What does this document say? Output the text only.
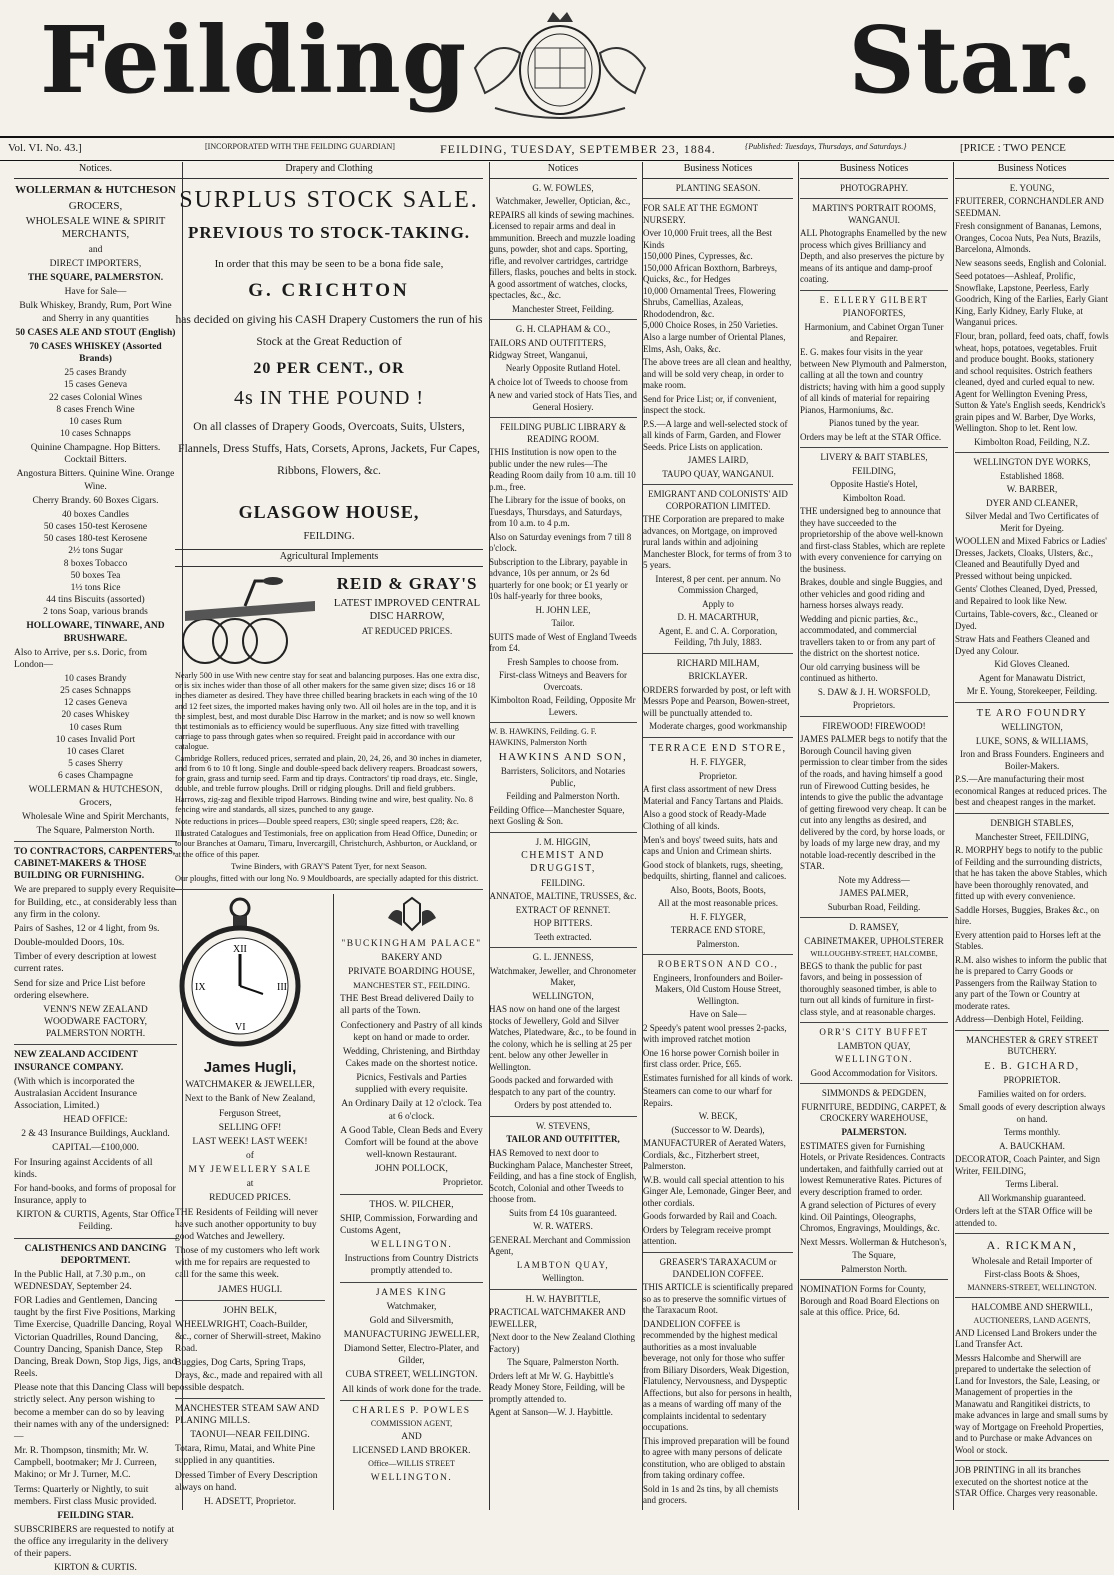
Feilding	Star.
Vol. VI. No. 43.]	[INCORPORATED WITH THE FEILDING GUARDIAN]	FEILDING, TUESDAY, SEPTEMBER 23, 1884.	{Published: Tuesdays, Thursdays, and Saturdays.}	[PRICE : TWO PENCE
Notices.

WOLLERMAN & HUTCHESON

GROCERS,

WHOLESALE WINE & SPIRIT MERCHANTS,

and

DIRECT IMPORTERS,

THE SQUARE, PALMERSTON.

Have for Sale—

Bulk Whiskey, Brandy, Rum, Port Wine and Sherry in any quantities

50 CASES ALE AND STOUT (English)

70 CASES WHISKEY (Assorted Brands)

25 cases Brandy
15 cases Geneva
22 cases Colonial Wines
8 cases French Wine
10 cases Rum
10 cases Schnapps

Quinine Champagne. Hop Bitters. Cocktail Bitters.

Angostura Bitters. Quinine Wine. Orange Wine.

Cherry Brandy. 60 Boxes Cigars.

40 boxes Candles
50 cases 150-test Kerosene
50 cases 180-test Kerosene
2½ tons Sugar
8 boxes Tobacco
50 boxes Tea
1½ tons Rice
44 tins Biscuits (assorted)
2 tons Soap, various brands

HOLLOWARE, TINWARE, AND BRUSHWARE.

Also to Arrive, per s.s. Doric, from London—

10 cases Brandy
25 cases Schnapps
12 cases Geneva
20 cases Whiskey
10 cases Rum
10 cases Invalid Port
10 cases Claret
5 cases Sherry
6 cases Champagne

WOLLERMAN & HUTCHESON, Grocers,

Wholesale Wine and Spirit Merchants,

The Square, Palmerston North.

TO CONTRACTORS, CARPENTERS, CABINET-MAKERS & THOSE BUILDING OR FURNISHING.

We are prepared to supply every Requisite for Building, etc., at considerably less than any firm in the colony.

Pairs of Sashes, 12 or 4 light, from 9s.

Double-moulded Doors, 10s.

Timber of every description at lowest current rates.

Send for size and Price List before ordering elsewhere.

VENN'S NEW ZEALAND WOODWARE FACTORY, PALMERSTON NORTH.

NEW ZEALAND ACCIDENT INSURANCE COMPANY.

(With which is incorporated the Australasian Accident Insurance Association, Limited.)

HEAD OFFICE:

2 & 43 Insurance Buildings, Auckland.

CAPITAL—£100,000.

For Insuring against Accidents of all kinds.

For hand-books, and forms of proposal for Insurance, apply to

KIRTON & CURTIS, Agents, Star Office Feilding.

CALISTHENICS AND DANCING DEPORTMENT.

In the Public Hall, at 7.30 p.m., on WEDNESDAY, September 24.

FOR Ladies and Gentlemen, Dancing taught by the first Five Positions, Marking Time Exercise, Quadrille Dancing, Royal Victorian Quadrilles, Round Dancing, Country Dancing, Spanish Dance, Step Dancing, Break Down, Stop Jigs, Jigs, and Reels.

Please note that this Dancing Class will be strictly select. Any person wishing to become a member can do so by leaving their names with any of the undersigned:—

Mr. R. Thompson, tinsmith; Mr. W. Campbell, bootmaker; Mr J. Curreen, Makino; or Mr J. Turner, M.C.

Terms: Quarterly or Nightly, to suit members. First class Music provided.

FEILDING STAR.

SUBSCRIBERS are requested to notify at the office any irregularity in the delivery of their papers.

KIRTON & CURTIS.

Drapery and Clothing
SURPLUS STOCK SALE.
PREVIOUS TO STOCK-TAKING.

In order that this may be seen to be a bona fide sale,

G. CRICHTON

has decided on giving his CASH Drapery Customers the run of his Stock at the Great Reduction of

20 PER CENT., OR
4s IN THE POUND !

On all classes of Drapery Goods, Overcoats, Suits, Ulsters, Flannels, Dress Stuffs, Hats, Corsets, Aprons, Jackets, Fur Capes, Ribbons, Flowers, &c.

GLASGOW HOUSE,

FEILDING.

Agricultural Implements
REID & GRAY'S

LATEST IMPROVED CENTRAL DISC HARROW,

AT REDUCED PRICES.

Nearly 500 in use With new centre stay for seat and balancing purposes. Has one extra disc, or is six inches wider than those of all other makers for the same given size; discs 16 or 18 inches diameter as desired. They have three chilled bearing brackets in each wing of the 10 and 12 feet sizes, the imported makes having only two. All oil holes are in the top, and it is the simplest, best, and most durable Disc Harrow in the market; and is now so well known that testimonials as to efficiency would be superfluous. Any size fitted with travelling carriage to pass through gates when so required. Freight paid in accordance with our catalogue.

Cambridge Rollers, reduced prices, serrated and plain, 20, 24, 26, and 30 inches in diameter, and from 6 to 10 ft long. Single and double-speed back delivery reapers. Broadcast sowers, for grain, grass and turnip seed. Farm and tip drays. Contractors' tip road drays, etc. Single, double, and treble furrow ploughs. Drill or ridging ploughs. Drill and field grubbers. Harrows, zig-zag and flexible tripod Harrows. Binding twine and wire, best quality. No. 8 fencing wire and standards, all sizes, punched to any gauge.

Note reductions in prices—Double speed reapers, £30; single speed reapers, £28; &c.

Illustrated Catalogues and Testimonials, free on application from Head Office, Dunedin; or to our Branches at Oamaru, Timaru, Invercargill, Christchurch, Ashburton, or Auckland, or at the office of this paper.

Twine Binders, with GRAY'S Patent Tyer, for next Season.

Our ploughs, fitted with our long No. 9 Mouldboards, are specially adapted for this district.

XII
III
VI
IX
James Hugli,

WATCHMAKER & JEWELLER,

Next to the Bank of New Zealand,

Ferguson Street,

SELLING OFF!

LAST WEEK! LAST WEEK!

of

MY JEWELLERY SALE

at

REDUCED PRICES.

THE Residents of Feilding will never have such another opportunity to buy good Watches and Jewellery.

Those of my customers who left work with me for repairs are requested to call for the same this week.

JAMES HUGLI.

JOHN BELK,

WHEELWRIGHT, Coach-Builder, &c., corner of Sherwill-street, Makino Road.

Buggies, Dog Carts, Spring Traps, Drays, &c., made and repaired with all possible despatch.

MANCHESTER STEAM SAW AND PLANING MILLS.

TAONUI—NEAR FEILDING.

Totara, Rimu, Matai, and White Pine supplied in any quantities.

Dressed Timber of Every Description always on hand.

H. ADSETT, Proprietor.

"BUCKINGHAM PALACE"

BAKERY AND

PRIVATE BOARDING HOUSE,

MANCHESTER ST., FEILDING.

THE Best Bread delivered Daily to all parts of the Town.

Confectionery and Pastry of all kinds kept on hand or made to order.

Wedding, Christening, and Birthday Cakes made on the shortest notice.

Picnics, Festivals and Parties supplied with every requisite.

An Ordinary Daily at 12 o'clock. Tea at 6 o'clock.

A Good Table, Clean Beds and Every Comfort will be found at the above well-known Restaurant.

JOHN POLLOCK,

Proprietor.

THOS. W. PILCHER,

SHIP, Commission, Forwarding and Customs Agent,

WELLINGTON.

Instructions from Country Districts promptly attended to.

JAMES KING

Watchmaker,

Gold and Silversmith,

MANUFACTURING JEWELLER,

Diamond Setter, Electro-Plater, and Gilder,

CUBA STREET, WELLINGTON.

All kinds of work done for the trade.

CHARLES P. POWLES

COMMISSION AGENT,

AND

LICENSED LAND BROKER.

Office—WILLIS STREET

WELLINGTON.

Notices

G. W. FOWLES,

Watchmaker, Jeweller, Optician, &c.,

REPAIRS all kinds of sewing machines. Licensed to repair arms and deal in ammunition. Breech and muzzle loading guns, powder, shot and caps. Sporting, rifle, and revolver cartridges, cartridge fillers, flasks, pouches and belts in stock. A good assortment of watches, clocks, spectacles, &c., &c.

Manchester Street, Feilding.

G. H. CLAPHAM & CO.,

TAILORS AND OUTFITTERS, Ridgway Street, Wanganui,

Nearly Opposite Rutland Hotel.

A choice lot of Tweeds to choose from

A new and varied stock of Hats Ties, and General Hosiery.

FEILDING PUBLIC LIBRARY & READING ROOM.

THIS Institution is now open to the public under the new rules—The Reading Room daily from 10 a.m. till 10 p.m., free.

The Library for the issue of books, on Tuesdays, Thursdays, and Saturdays, from 10 a.m. to 4 p.m.

Also on Saturday evenings from 7 till 8 o'clock.

Subscription to the Library, payable in advance, 10s per annum, or 2s 6d quarterly for one book; or £1 yearly or 10s half-yearly for three books,

H. JOHN LEE,

Tailor.

SUITS made of West of England Tweeds from £4.

Fresh Samples to choose from.

First-class Witneys and Beavers for Overcoats.

Kimbolton Road, Feilding, Opposite Mr Lewers.

W. B. HAWKINS, Feilding. G. F. HAWKINS, Palmerston North

HAWKINS AND SON,

Barristers, Solicitors, and Notaries Public,

Feilding and Palmerston North.

Feilding Office—Manchester Square, next Gosling & Son.

J. M. HIGGIN,

CHEMIST AND DRUGGIST,

FEILDING.

ANNATOE, MALTINE, TRUSSES, &c.

EXTRACT OF RENNET.

HOP BITTERS.

Teeth extracted.

G. L. JENNESS,

Watchmaker, Jeweller, and Chronometer Maker,

WELLINGTON,

HAS now on hand one of the largest stocks of Jewellery, Gold and Silver Watches, Platedware, &c., to be found in the colony, which he is selling at 25 per cent. below any other Jeweller in Wellington.

Goods packed and forwarded with despatch to any part of the country.

Orders by post attended to.

W. STEVENS,

TAILOR AND OUTFITTER,

HAS Removed to next door to Buckingham Palace, Manchester Street, Feilding, and has a fine stock of English, Scotch, Colonial and other Tweeds to choose from.

Suits from £4 10s guaranteed.

W. R. WATERS.

GENERAL Merchant and Commission Agent,

LAMBTON QUAY,

Wellington.

H. W. HAYBITTLE,

PRACTICAL WATCHMAKER AND JEWELLER,

(Next door to the New Zealand Clothing Factory)

The Square, Palmerston North.

Orders left at Mr W. G. Haybittle's Ready Money Store, Feilding, will be promptly attended to.

Agent at Sanson—W. J. Haybittle.

Business Notices

PLANTING SEASON.

FOR SALE AT THE EGMONT NURSERY.

Over 10,000 Fruit trees, all the Best Kinds
150,000 Pines, Cypresses, &c.
150,000 African Boxthorn, Barbreys, Quicks, &c., for Hedges
10,000 Ornamental Trees, Flowering Shrubs, Camellias, Azaleas, Rhododendron, &c.
5,000 Choice Roses, in 250 Varieties. Also a large number of Oriental Planes, Elms, Ash, Oaks, &c.

The above trees are all clean and healthy, and will be sold very cheap, in order to make room.

Send for Price List; or, if convenient, inspect the stock.

P.S.—A large and well-selected stock of all kinds of Farm, Garden, and Flower Seeds. Price Lists on application.

JAMES LAIRD,

TAUPO QUAY, WANGANUI.

EMIGRANT AND COLONISTS' AID CORPORATION LIMITED.

THE Corporation are prepared to make advances, on Mortgage, on improved rural lands within and adjoining Manchester Block, for terms of from 3 to 5 years.

Interest, 8 per cent. per annum. No Commission Charged,

Apply to

D. H. MACARTHUR,

Agent, E. and C. A. Corporation, Feilding, 7th July, 1883.

RICHARD MILHAM,

BRICKLAYER.

ORDERS forwarded by post, or left with Messrs Pope and Pearson, Bowen-street, will be punctually attended to.

Moderate charges, good workmanship

TERRACE END STORE,

H. F. FLYGER,

Proprietor.

A first class assortment of new Dress Material and Fancy Tartans and Plaids.

Also a good stock of Ready-Made Clothing of all kinds.

Men's and boys' tweed suits, hats and caps and Union and Crimean shirts.

Good stock of blankets, rugs, sheeting, bedquilts, shirting, flannel and calicoes.

Also, Boots, Boots, Boots,

All at the most reasonable prices.

H. F. FLYGER,

TERRACE END STORE,

Palmerston.

ROBERTSON AND CO.,

Engineers, Ironfounders and Boiler-Makers, Old Custom House Street, Wellington.

Have on Sale—

2 Speedy's patent wool presses 2-packs, with improved ratchet motion

One 16 horse power Cornish boiler in first class order. Price, £65.

Estimates furnished for all kinds of work.

Steamers can come to our wharf for Repairs.

W. BECK,

(Successor to W. Deards),

MANUFACTURER of Aerated Waters, Cordials, &c., Fitzherbert street, Palmerston.

W.B. would call special attention to his Ginger Ale, Lemonade, Ginger Beer, and other cordials.

Goods forwarded by Rail and Coach.

Orders by Telegram receive prompt attention.

GREASER'S TARAXACUM or DANDELION COFFEE.

THIS ARTICLE is scientifically prepared so as to preserve the somnific virtues of the Taraxacum Root.

DANDELION COFFEE is recommended by the highest medical authorities as a most invaluable beverage, not only for those who suffer from Biliary Disorders, Weak Digestion, Flatulency, Nervousness, and Dyspeptic Affections, but also for persons in health, as a means of warding off many of the complaints incidental to sedentary occupations.

This improved preparation will be found to agree with many persons of delicate constitution, who are obliged to abstain from taking ordinary coffee.

Sold in 1s and 2s tins, by all chemists and grocers.

Business Notices

PHOTOGRAPHY.

MARTIN'S PORTRAIT ROOMS, WANGANUI.

ALL Photographs Enamelled by the new process which gives Brilliancy and Depth, and also preserves the picture by means of its antique and damp-proof coating.

E. ELLERY GILBERT

PIANOFORTES,

Harmonium, and Cabinet Organ Tuner and Repairer.

E. G. makes four visits in the year between New Plymouth and Palmerston, calling at all the town and country districts; having with him a good supply of all kinds of material for repairing Pianos, Harmoniums, &c.

Pianos tuned by the year.

Orders may be left at the STAR Office.

LIVERY & BAIT STABLES,

FEILDING,

Opposite Hastie's Hotel,

Kimbolton Road.

THE undersigned beg to announce that they have succeeded to the proprietorship of the above well-known and first-class Stables, which are replete with every convenience for carrying on the business.

Brakes, double and single Buggies, and other vehicles and good riding and harness horses always ready.

Wedding and picnic parties, &c., accommodated, and commercial travellers taken to or from any part of the district on the shortest notice.

Our old carrying business will be continued as hitherto.

S. DAW & J. H. WORSFOLD,

Proprietors.

FIREWOOD! FIREWOOD!

JAMES PALMER begs to notify that the Borough Council having given permission to clear timber from the sides of the roads, and having himself a good run of Firewood Cutting besides, he intends to give the public the advantage of getting firewood very cheap. It can be cut into any lengths as desired, and delivered by the cord, by horse loads, or by loads of my large new dray, and my notable load-recently described in the STAR.

Note my Address—

JAMES PALMER,

Suburban Road, Feilding.

D. RAMSEY,

CABINETMAKER, UPHOLSTERER

WILLOUGHBY-STREET, HALCOMBE,

BEGS to thank the public for past favors, and being in possession of thoroughly seasoned timber, is able to turn out all kinds of furniture in first-class style, and at reasonable charges.

ORR'S CITY BUFFET

LAMBTON QUAY,

WELLINGTON.

Good Accommodation for Visitors.

SIMMONDS & PEDGDEN,

FURNITURE, BEDDING, CARPET, & CROCKERY WAREHOUSE,

PALMERSTON.

ESTIMATES given for Furnishing Hotels, or Private Residences. Contracts undertaken, and faithfully carried out at lowest Remunerative Rates. Pictures of every description framed to order.

A grand selection of Pictures of every kind. Oil Paintings, Oleographs, Chromos, Engravings, Mouldings, &c.

Next Messrs. Wollerman & Hutcheson's,

The Square,

Palmerston North.

NOMINATION Forms for County, Borough and Road Board Elections on sale at this office. Price, 6d.

Business Notices

E. YOUNG,

FRUITERER, CORNCHANDLER AND SEEDMAN.

Fresh consignment of Bananas, Lemons, Oranges, Cocoa Nuts, Pea Nuts, Brazils, Barcelona, Almonds.

New seasons seeds, English and Colonial.

Seed potatoes—Ashleaf, Prolific, Snowflake, Lapstone, Peerless, Early Goodrich, King of the Earlies, Early Giant King, Early Kidney, Early Fluke, at Wanganui prices.

Flour, bran, pollard, feed oats, chaff, fowls wheat, hops, potatoes, vegetables. Fruit and produce bought. Books, stationery and school requisites. Ostrich feathers cleaned, dyed and curled equal to new. Agent for Wellington Evening Press, Sutton & Yate's English seeds, Kendrick's grain pipes and W. Barber, Dye Works, Wellington. Shop to let. Rent low.

Kimbolton Road, Feilding, N.Z.

WELLINGTON DYE WORKS,

Established 1868.

W. BARBER,

DYER AND CLEANER,

Silver Medal and Two Certificates of Merit for Dyeing.

WOOLLEN and Mixed Fabrics or Ladies' Dresses, Jackets, Cloaks, Ulsters, &c., Cleaned and Beautifully Dyed and Pressed without being unpicked.

Gents' Clothes Cleaned, Dyed, Pressed, and Repaired to look like New.

Curtains, Table-covers, &c., Cleaned or Dyed.

Straw Hats and Feathers Cleaned and Dyed any Colour.

Kid Gloves Cleaned.

Agent for Manawatu District,

Mr E. Young, Storekeeper, Feilding.

TE ARO FOUNDRY

WELLINGTON,

LUKE, SONS, & WILLIAMS,

Iron and Brass Founders. Engineers and Boiler-Makers.

P.S.—Are manufacturing their most economical Ranges at reduced prices. The best and cheapest ranges in the market.

DENBIGH STABLES,

Manchester Street, FEILDING,

R. MORPHY begs to notify to the public of Feilding and the surrounding districts, that he has taken the above Stables, which have been thoroughly renovated, and fitted up with every convenience.

Saddle Horses, Buggies, Brakes &c., on hire.

Every attention paid to Horses left at the Stables.

R.M. also wishes to inform the public that he is prepared to Carry Goods or Passengers from the Railway Station to any part of the Town or Country at moderate rates.

Address—Denbigh Hotel, Feilding.

MANCHESTER & GREY STREET BUTCHERY.

E. B. GICHARD,

PROPRIETOR.

Families waited on for orders.

Small goods of every description always on hand.

Terms monthly.

A. BAUCKHAM.

DECORATOR, Coach Painter, and Sign Writer, FEILDING,

Terms Liberal.

All Workmanship guaranteed.

Orders left at the STAR Office will be attended to.

A. RICKMAN,

Wholesale and Retail Importer of

First-class Boots & Shoes,

MANNERS-STREET, WELLINGTON.

HALCOMBE AND SHERWILL,

AUCTIONEERS, LAND AGENTS,

AND Licensed Land Brokers under the Land Transfer Act.

Messrs Halcombe and Sherwill are prepared to undertake the selection of Land for Investors, the Sale, Leasing, or Management of properties in the Manawatu and Rangitikei districts, to make advances in large and small sums by way of Mortgage on Freehold Properties, and to Purchase or make Advances on Wool or stock.

JOB PRINTING in all its branches executed on the shortest notice at the STAR Office. Charges very reasonable.
